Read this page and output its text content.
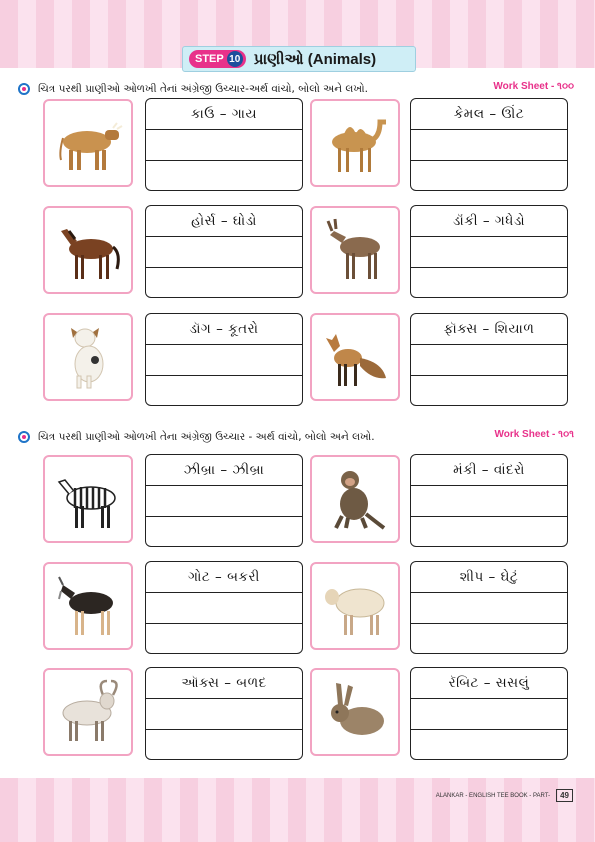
STEP 10 પ્રાણીઓ (Animals)
ચિત્ર પરથી પ્રાણીઓ ઓળખી તેનાં અંગ્રેજી ઉચ્ચાર-અર્થ વાંચો, બોલો અને લખો.	Work Sheet - ૧૦૦
ચિત્ર પરથી પ્રાણીઓ ઓળખી તેના અંગ્રેજી ઉચ્ચાર - અર્થ વાંચો, બોલો અને લખો.	Work Sheet - ૧૦૧
કાઉ – ગાય	કેમલ – ઊંટ
હોર્સ – ઘોડો	ડૉંકી – ગધેડો
ડૉગ – કૂતરો	ફૉક્સ – શિયાળ
ઝીબ્રા – ઝીબ્રા	મંકી – વાંદરો
ગોટ – બકરી	શીપ – ઘેટું
ઑક્સ – બળદ	રૅબિટ – સસલું
ALANKAR - ENGLISH TEE BOOK - PART-	49
